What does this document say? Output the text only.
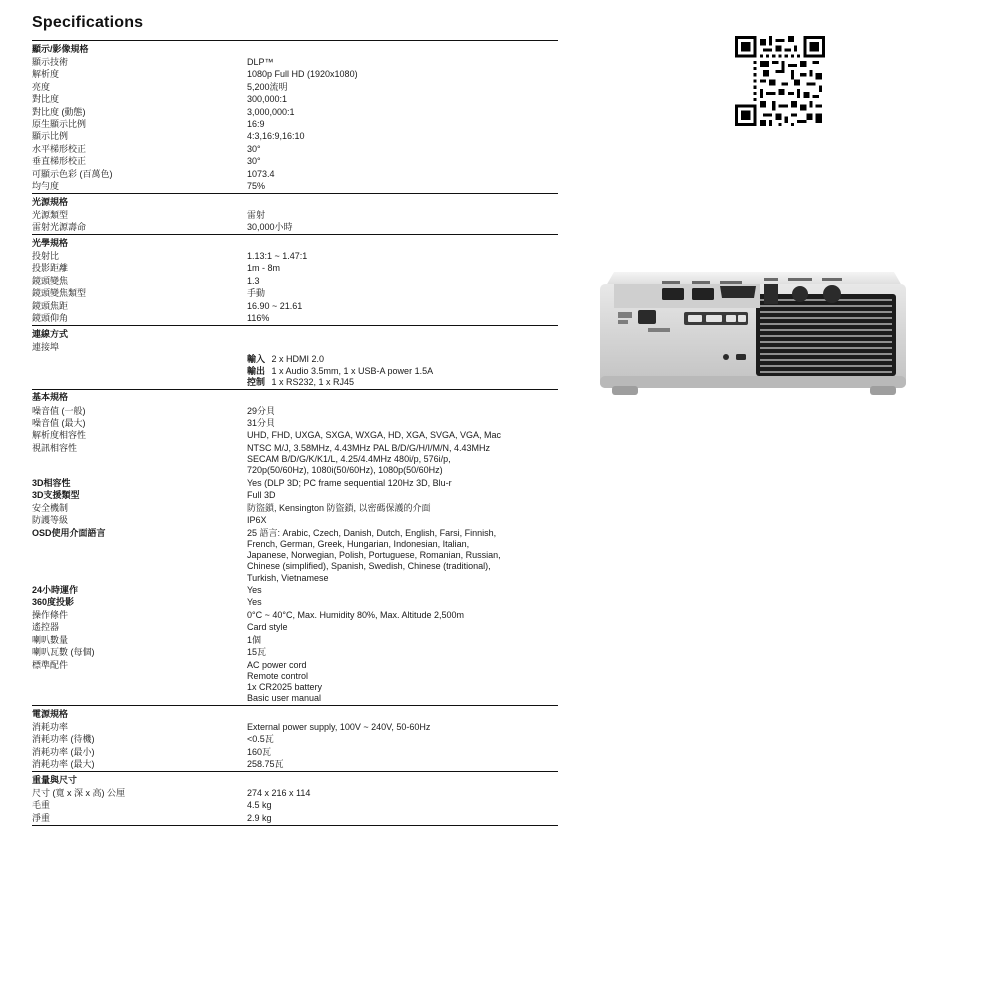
Specifications

顯示/影像規格	
顯示技術	DLP™

解析度	1080p Full HD (1920x1080)

亮度	5,200流明

對比度	300,000:1

對比度 (動態)	3,000,000:1

原生顯示比例	16:9

顯示比例	4:3,16:9,16:10

水平梯形校正	30°

垂直梯形校正	30°

可顯示色彩 (百萬色)	1073.4

均勻度	75%

光源規格	
光源類型	雷射

雷射光源壽命	30,000小時

光學規格	
投射比	1.13:1 ~ 1.47:1

投影距離	1m - 8m

鏡頭變焦	1.3

鏡頭變焦類型	手動

鏡頭焦距	16.90 ~ 21.61

鏡頭仰角	116%

連線方式	
連接埠	

	輸入 2 x HDMI 2.0
輸出 1 x Audio 3.5mm, 1 x USB-A power 1.5A
控制 1 x RS232, 1 x RJ45

基本規格	
噪音值 (一般)	29分貝

噪音值 (最大)	31分貝

解析度相容性	UHD, FHD, UXGA, SXGA, WXGA, HD, XGA, SVGA, VGA, Mac

視訊相容性	NTSC M/J, 3.58MHz, 4.43MHz PAL B/D/G/H/I/M/N, 4.43MHz
SECAM B/D/G/K/K1/L, 4.25/4.4MHz 480i/p, 576i/p,
720p(50/60Hz), 1080i(50/60Hz), 1080p(50/60Hz)

3D相容性	Yes (DLP 3D; PC frame sequential 120Hz 3D, Blu-r

3D支援類型	Full 3D

安全機制	防盜鎖, Kensington 防盜鎖, 以密碼保護的介面

防護等級	IP6X

OSD使用介面語言	25 語言: Arabic, Czech, Danish, Dutch, English, Farsi, Finnish,
French, German, Greek, Hungarian, Indonesian, Italian,
Japanese, Norwegian, Polish, Portuguese, Romanian, Russian,
Chinese (simplified), Spanish, Swedish, Chinese (traditional),
Turkish, Vietnamese

24小時運作	Yes

360度投影	Yes

操作條件	0°C ~ 40°C, Max. Humidity 80%, Max. Altitude 2,500m

遙控器	Card style

喇叭數量	1個

喇叭瓦數 (每個)	15瓦

標準配件	AC power cord
Remote control
1x CR2025 battery
Basic user manual

電源規格	
消耗功率	External power supply, 100V ~ 240V, 50-60Hz

消耗功率 (待機)	<0.5瓦

消耗功率 (最小)	160瓦

消耗功率 (最大)	258.75瓦

重量與尺寸	
尺寸 (寬 x 深 x 高) 公厘	274 x 216 x 114

毛重	4.5 kg

淨重	2.9 kg
